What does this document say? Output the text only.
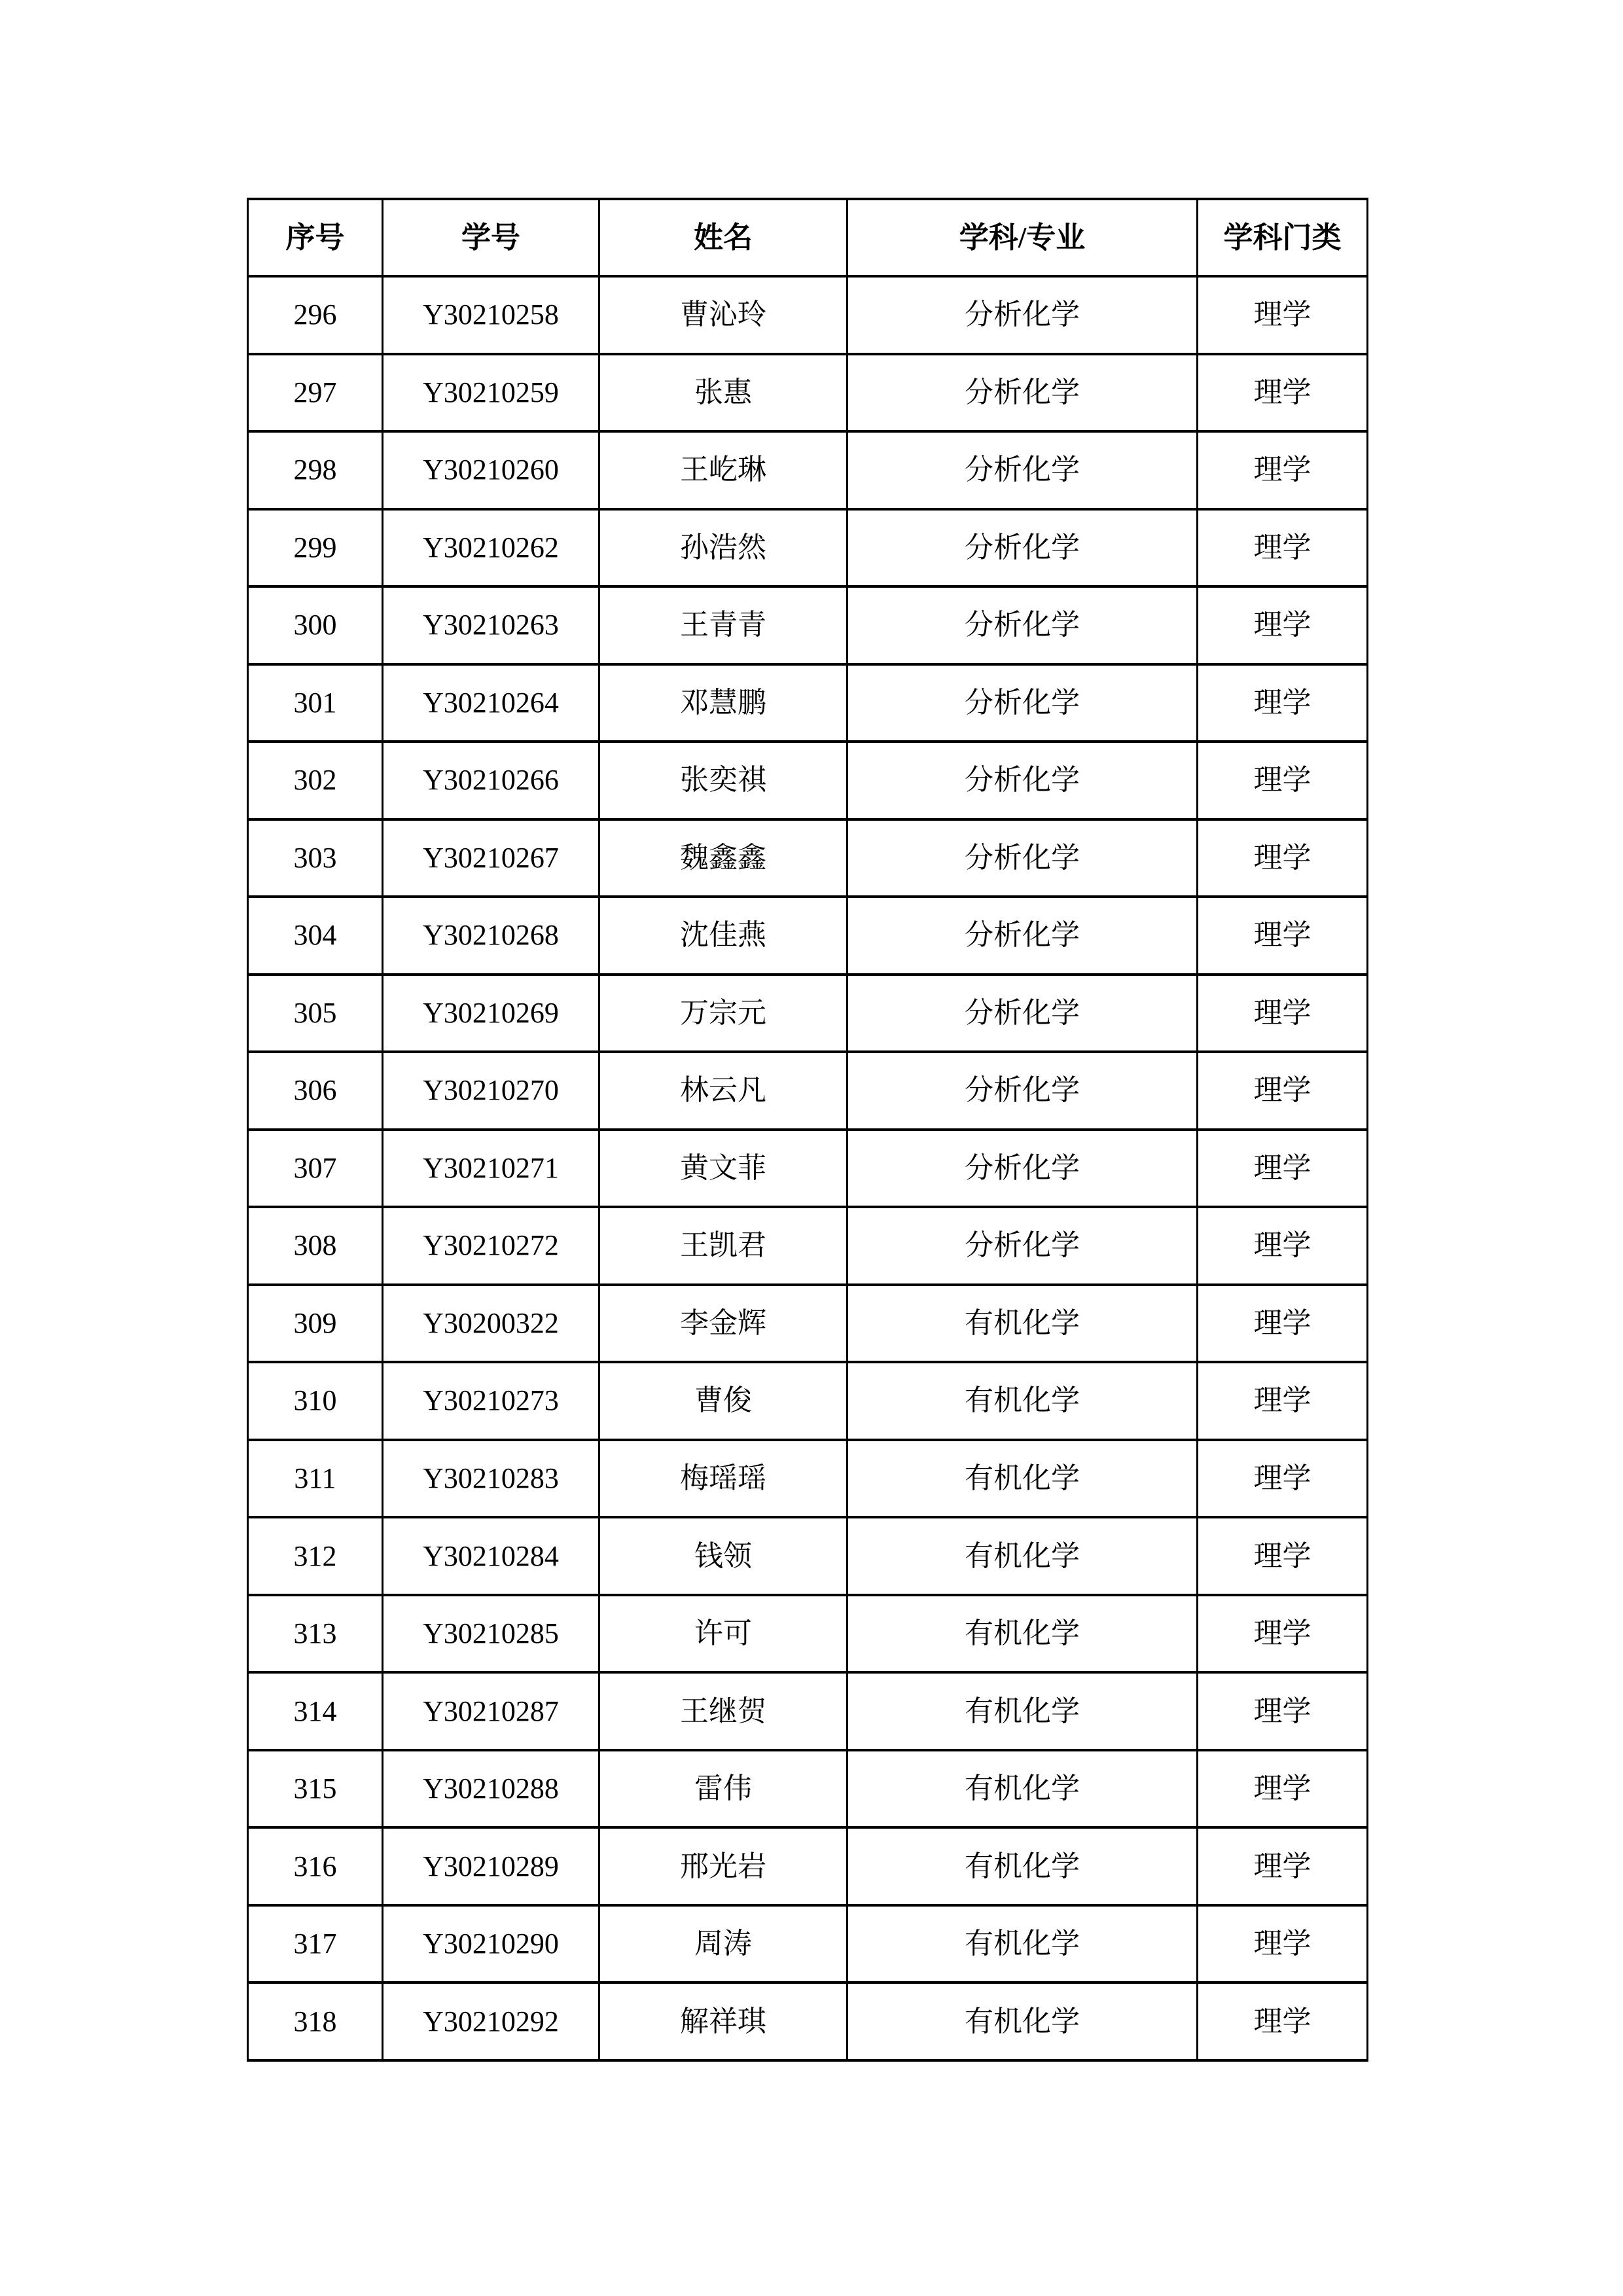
序号	学号	姓名	学科/专业	学科门类
296	Y30210258	曹沁玲	分析化学	理学
297	Y30210259	张惠	分析化学	理学
298	Y30210260	王屹琳	分析化学	理学
299	Y30210262	孙浩然	分析化学	理学
300	Y30210263	王青青	分析化学	理学
301	Y30210264	邓慧鹏	分析化学	理学
302	Y30210266	张奕祺	分析化学	理学
303	Y30210267	魏鑫鑫	分析化学	理学
304	Y30210268	沈佳燕	分析化学	理学
305	Y30210269	万宗元	分析化学	理学
306	Y30210270	林云凡	分析化学	理学
307	Y30210271	黄文菲	分析化学	理学
308	Y30210272	王凯君	分析化学	理学
309	Y30200322	李金辉	有机化学	理学
310	Y30210273	曹俊	有机化学	理学
311	Y30210283	梅瑶瑶	有机化学	理学
312	Y30210284	钱领	有机化学	理学
313	Y30210285	许可	有机化学	理学
314	Y30210287	王继贺	有机化学	理学
315	Y30210288	雷伟	有机化学	理学
316	Y30210289	邢光岩	有机化学	理学
317	Y30210290	周涛	有机化学	理学
318	Y30210292	解祥琪	有机化学	理学
